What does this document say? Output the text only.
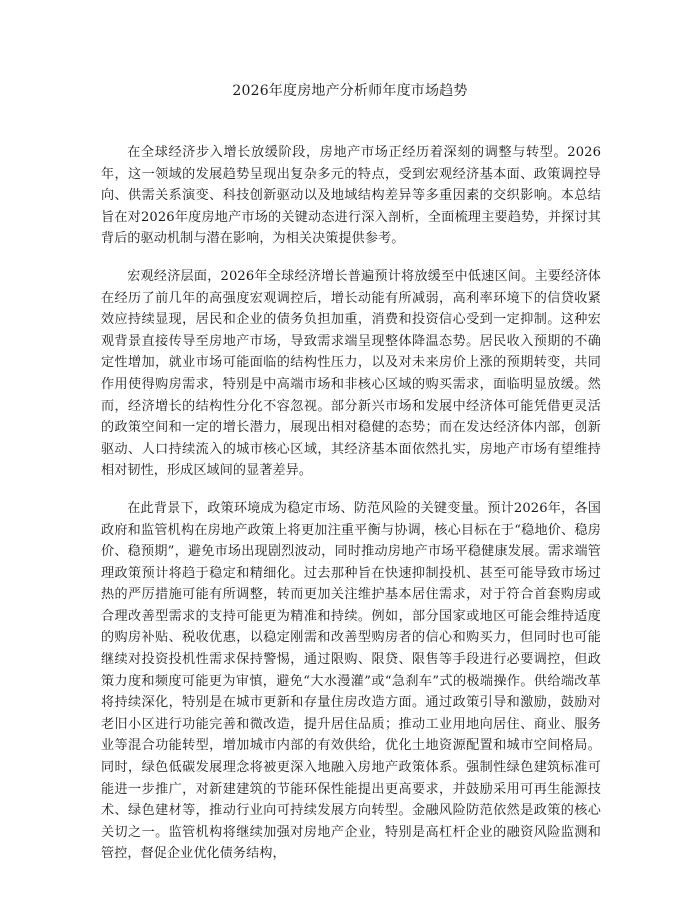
2026年度房地产分析师年度市场趋势

在全球经济步入增长放缓阶段，房地产市场正经历着深刻的调整与转型。2026年，这一领域的发展趋势呈现出复杂多元的特点，受到宏观经济基本面、政策调控导向、供需关系演变、科技创新驱动以及地域结构差异等多重因素的交织影响。本总结旨在对2026年度房地产市场的关键动态进行深入剖析，全面梳理主要趋势，并探讨其背后的驱动机制与潜在影响，为相关决策提供参考。

宏观经济层面，2026年全球经济增长普遍预计将放缓至中低速区间。主要经济体在经历了前几年的高强度宏观调控后，增长动能有所减弱，高利率环境下的信贷收紧效应持续显现，居民和企业的债务负担加重，消费和投资信心受到一定抑制。这种宏观背景直接传导至房地产市场，导致需求端呈现整体降温态势。居民收入预期的不确定性增加，就业市场可能面临的结构性压力，以及对未来房价上涨的预期转变，共同作用使得购房需求，特别是中高端市场和非核心区域的购买需求，面临明显放缓。然而，经济增长的结构性分化不容忽视。部分新兴市场和发展中经济体可能凭借更灵活的政策空间和一定的增长潜力，展现出相对稳健的态势；而在发达经济体内部，创新驱动、人口持续流入的城市核心区域，其经济基本面依然扎实，房地产市场有望维持相对韧性，形成区域间的显著差异。

在此背景下，政策环境成为稳定市场、防范风险的关键变量。预计2026年，各国政府和监管机构在房地产政策上将更加注重平衡与协调，核心目标在于“稳地价、稳房价、稳预期”，避免市场出现剧烈波动，同时推动房地产市场平稳健康发展。需求端管理政策预计将趋于稳定和精细化。过去那种旨在快速抑制投机、甚至可能导致市场过热的严厉措施可能有所调整，转而更加关注维护基本居住需求，对于符合首套购房或合理改善型需求的支持可能更为精准和持续。例如，部分国家或地区可能会维持适度的购房补贴、税收优惠，以稳定刚需和改善型购房者的信心和购买力，但同时也可能继续对投资投机性需求保持警惕，通过限购、限贷、限售等手段进行必要调控，但政策力度和频度可能更为审慎，避免“大水漫灌”或“急刹车”式的极端操作。供给端改革将持续深化，特别是在城市更新和存量住房改造方面。通过政策引导和激励，鼓励对老旧小区进行功能完善和微改造，提升居住品质；推动工业用地向居住、商业、服务业等混合功能转型，增加城市内部的有效供给，优化土地资源配置和城市空间格局。同时，绿色低碳发展理念将被更深入地融入房地产政策体系。强制性绿色建筑标准可能进一步推广，对新建建筑的节能环保性能提出更高要求，并鼓励采用可再生能源技术、绿色建材等，推动行业向可持续发展方向转型。金融风险防范依然是政策的核心关切之一。监管机构将继续加强对房地产企业，特别是高杠杆企业的融资风险监测和管控，督促企业优化债务结构，
